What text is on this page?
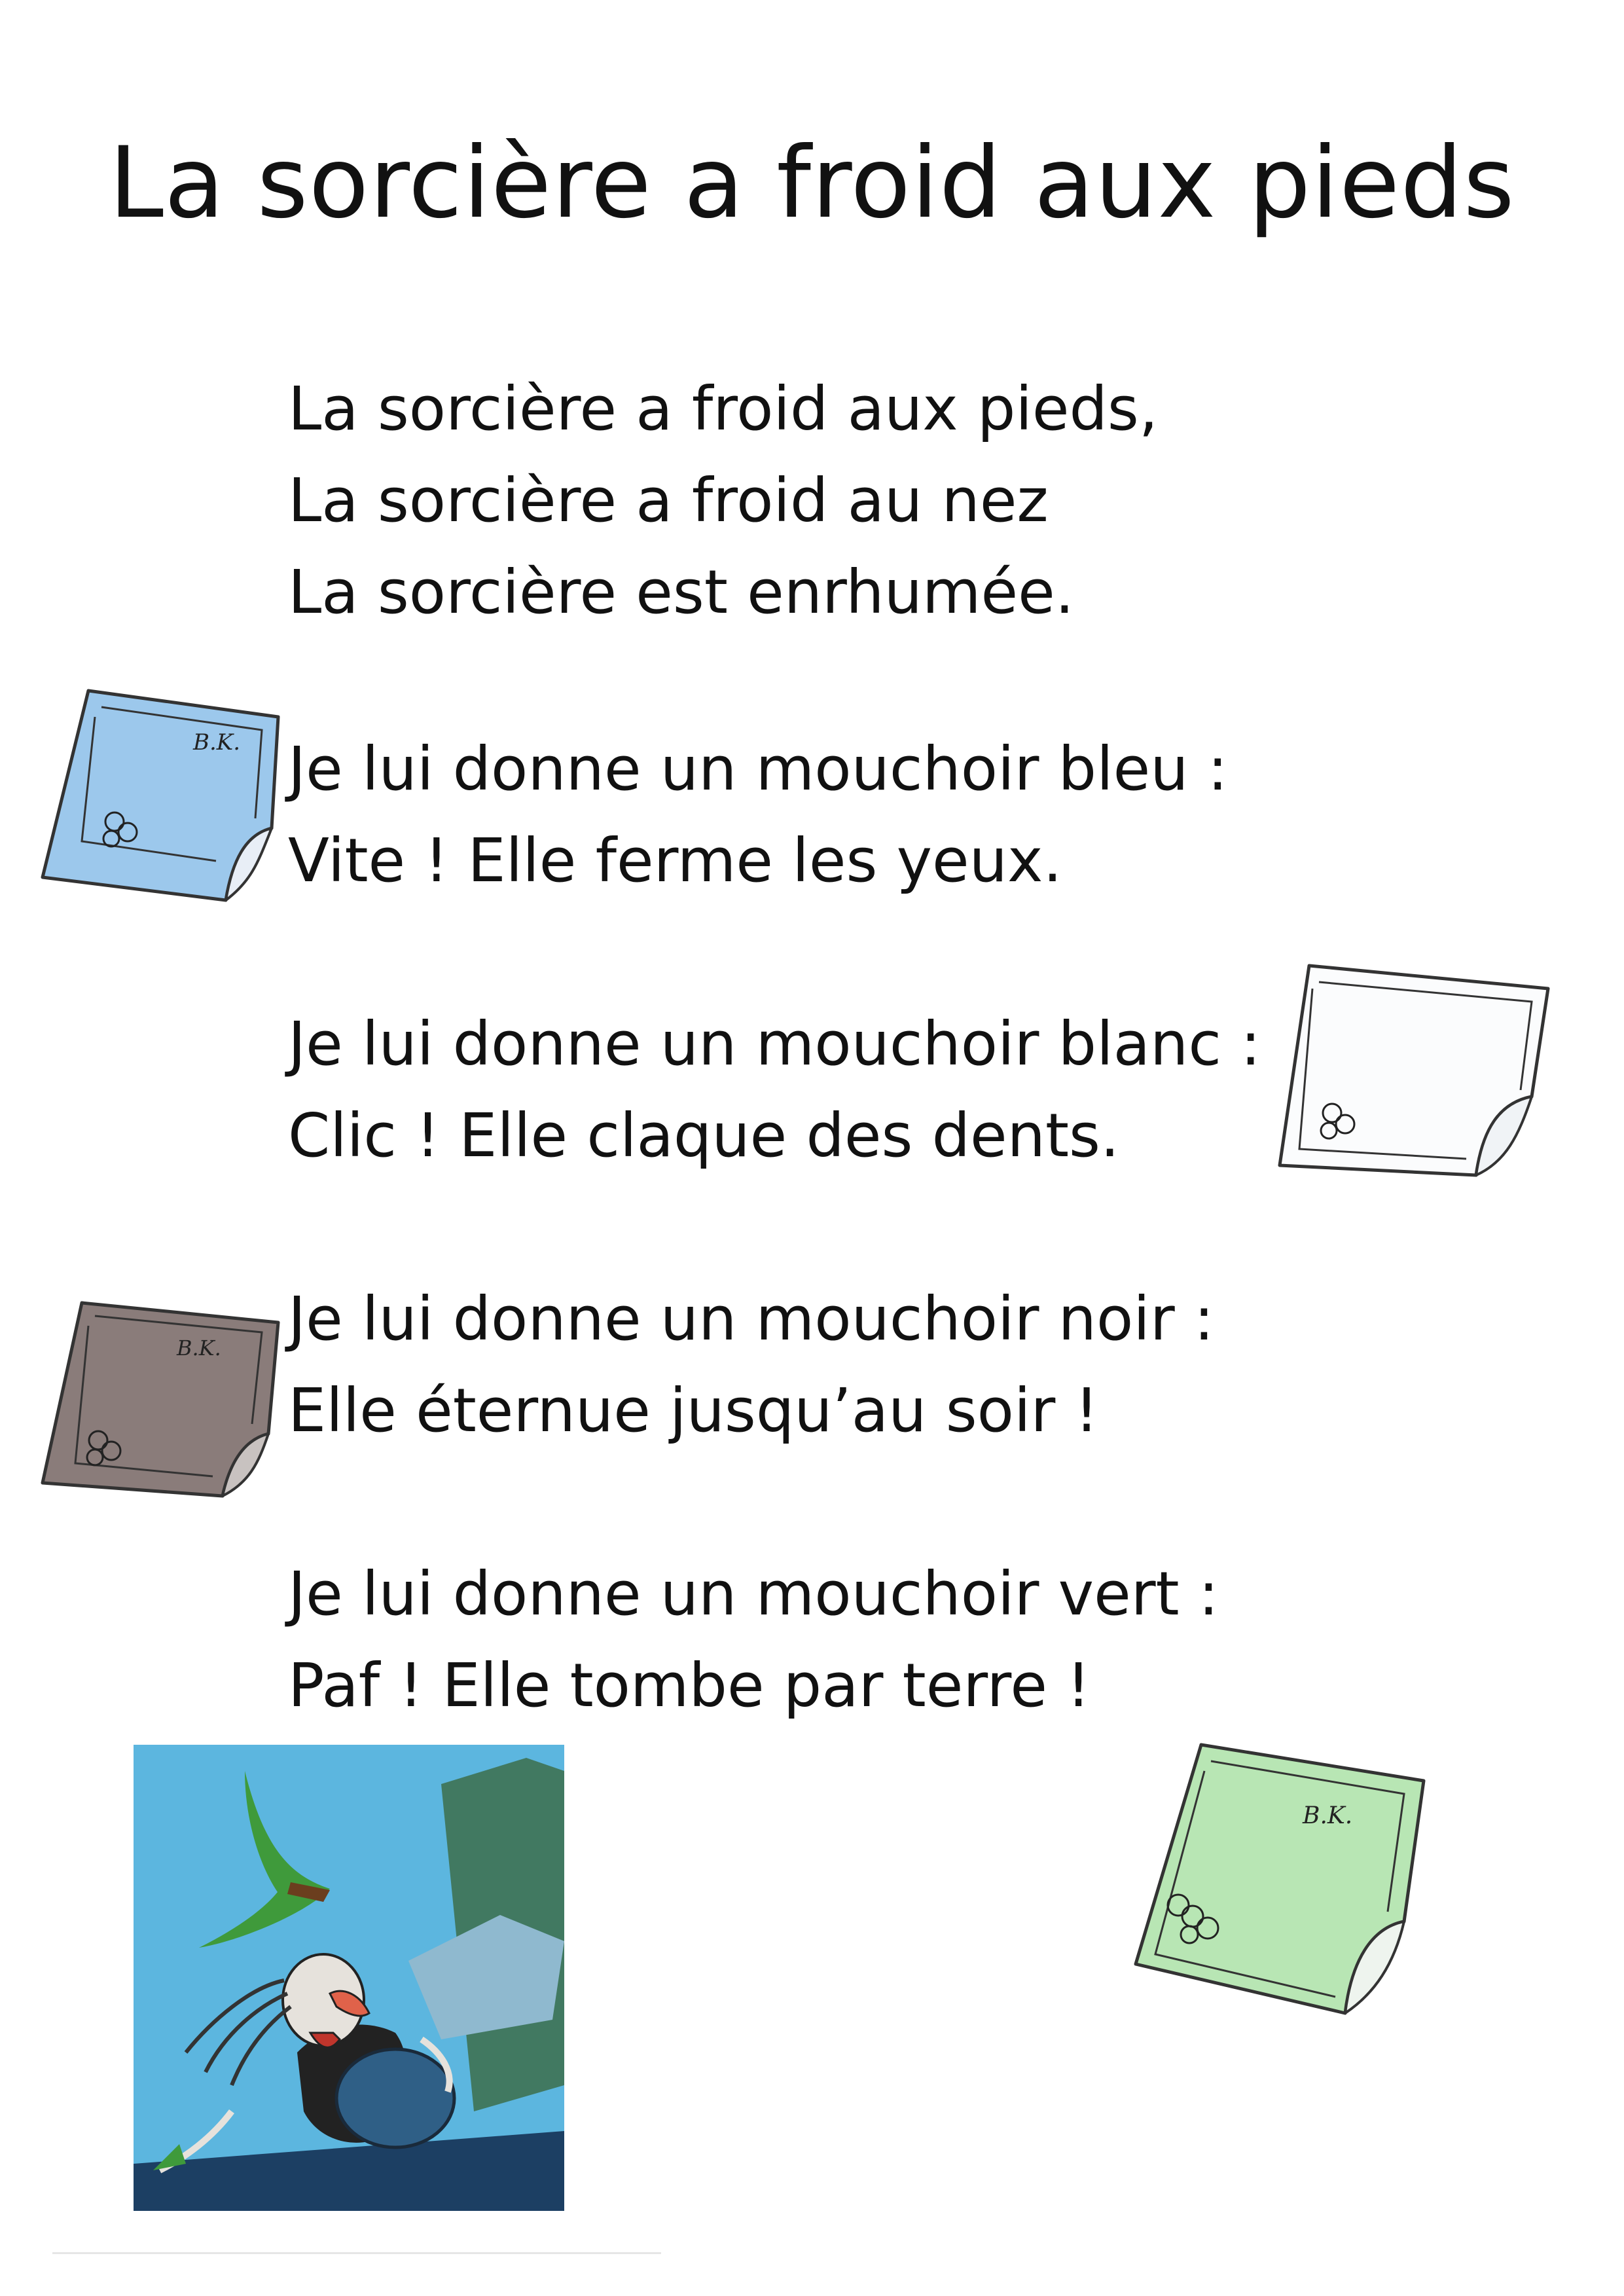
La sorcière a froid aux pieds
La sorcière a froid aux pieds,
La sorcière a froid au nez
La sorcière est enrhumée.
Je lui donne un mouchoir bleu :
Vite ! Elle ferme les yeux.
Je lui donne un mouchoir blanc :
Clic ! Elle claque des dents.
Je lui donne un mouchoir noir :
Elle éternue jusqu’au soir !
Je lui donne un mouchoir vert :
Paf ! Elle tombe par terre !
B.K.
B.K.
B.K.
